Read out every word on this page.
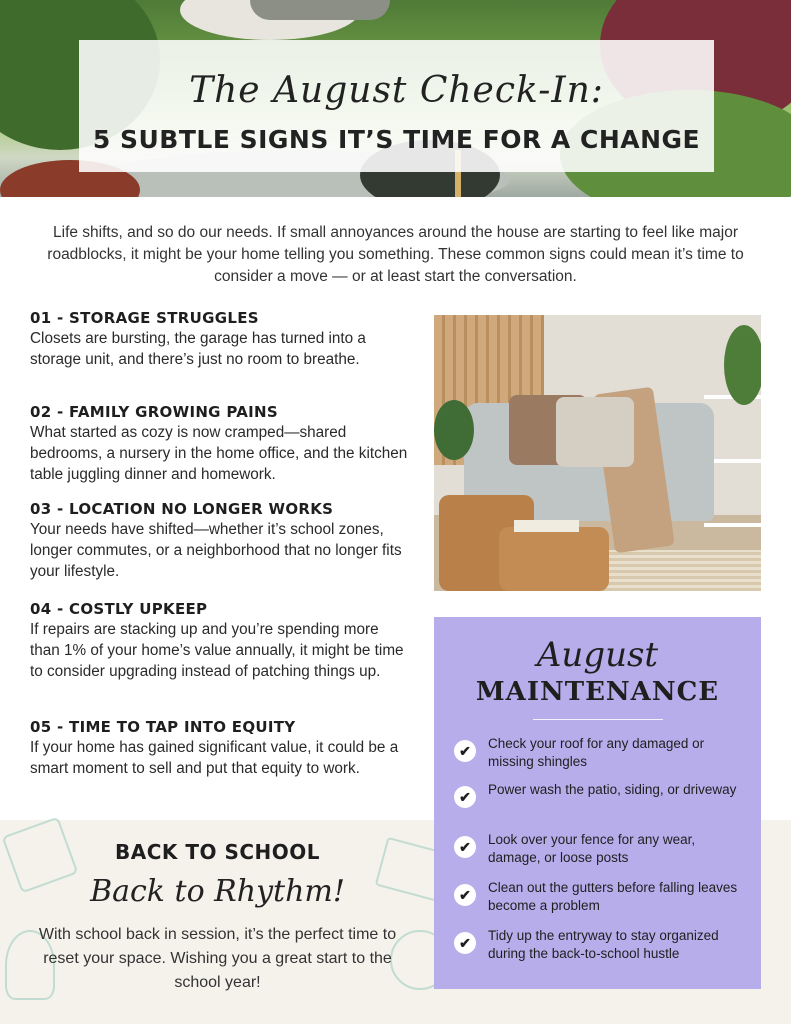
The August Check-In:
5 SUBTLE SIGNS IT’S TIME FOR A CHANGE
Life shifts, and so do our needs. If small annoyances around the house are starting to feel like major roadblocks, it might be your home telling you something. These common signs could mean it’s time to consider a move — or at least start the conversation.
01 - STORAGE STRUGGLES

Closets are bursting, the garage has turned into a storage unit, and there’s just no room to breathe.

02 - FAMILY GROWING PAINS

What started as cozy is now cramped—shared bedrooms, a nursery in the home office, and the kitchen table juggling dinner and homework.

03 - LOCATION NO LONGER WORKS

Your needs have shifted—whether it’s school zones, longer commutes, or a neighborhood that no longer fits your lifestyle.

04 - COSTLY UPKEEP

If repairs are stacking up and you’re spending more than 1% of your home’s value annually, it might be time to consider upgrading instead of patching things up.

05 - TIME TO TAP INTO EQUITY

If your home has gained significant value, it could be a smart moment to sell and put that equity to work.

BACK TO SCHOOL
Back to Rhythm!

With school back in session, it’s the perfect time to reset your space. Wishing you a great start to the school year!

August
MAINTENANCE
✔	Check your roof for any damaged or missing shingles
✔	Power wash the patio, siding, or driveway
✔	Look over your fence for any wear, damage, or loose posts
✔	Clean out the gutters before falling leaves become a problem
✔	Tidy up the entryway to stay organized during the back-to-school hustle
